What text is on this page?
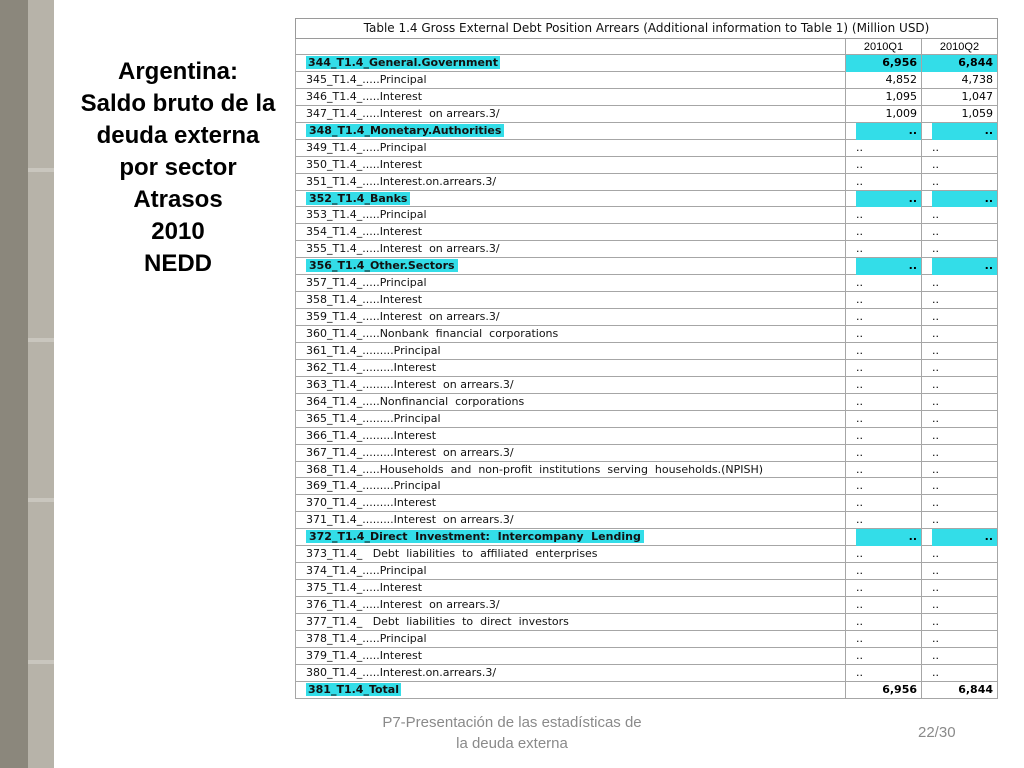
Argentina:
Saldo bruto de la
deuda externa
por sector
Atrasos
2010
NEDD
Table 1.4 Gross External Debt Position Arrears (Additional information to Table 1) (Million USD)
2010Q1	2010Q2
344_T1.4_General.Government	6,956	6,844
345_T1.4_.....Principal	4,852	4,738
346_T1.4_.....Interest	1,095	1,047
347_T1.4_.....Interest  on arrears.3/	1,009	1,059
348_T1.4_Monetary.Authorities	..	..
349_T1.4_.....Principal	..	..
350_T1.4_.....Interest	..	..
351_T1.4_.....Interest.on.arrears.3/	..	..
352_T1.4_Banks	..	..
353_T1.4_.....Principal	..	..
354_T1.4_.....Interest	..	..
355_T1.4_.....Interest  on arrears.3/	..	..
356_T1.4_Other.Sectors	..	..
357_T1.4_.....Principal	..	..
358_T1.4_.....Interest	..	..
359_T1.4_.....Interest  on arrears.3/	..	..
360_T1.4_.....Nonbank  financial  corporations	..	..
361_T1.4_.........Principal	..	..
362_T1.4_.........Interest	..	..
363_T1.4_.........Interest  on arrears.3/	..	..
364_T1.4_.....Nonfinancial  corporations	..	..
365_T1.4_.........Principal	..	..
366_T1.4_.........Interest	..	..
367_T1.4_.........Interest  on arrears.3/	..	..
368_T1.4_.....Households  and  non-profit  institutions  serving  households.(NPISH)	..	..
369_T1.4_.........Principal	..	..
370_T1.4_.........Interest	..	..
371_T1.4_.........Interest  on arrears.3/	..	..
372_T1.4_Direct  Investment:  Intercompany  Lending	..	..
373_T1.4_   Debt  liabilities  to  affiliated  enterprises	..	..
374_T1.4_.....Principal	..	..
375_T1.4_.....Interest	..	..
376_T1.4_.....Interest  on arrears.3/	..	..
377_T1.4_   Debt  liabilities  to  direct  investors	..	..
378_T1.4_.....Principal	..	..
379_T1.4_.....Interest	..	..
380_T1.4_.....Interest.on.arrears.3/	..	..
381_T1.4_Total	6,956	6,844
P7-Presentación de las estadísticas de
la deuda externa
22/30
